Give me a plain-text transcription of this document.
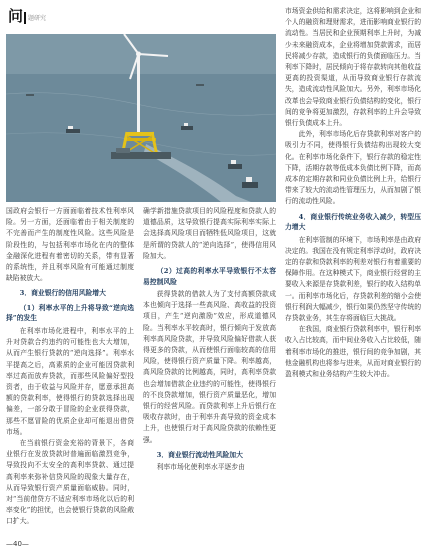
问 题研究

国政府会银行一方面面临着技术性利率风险。另一方面，还面临着由于相关制度的不完善而产生的制度性风险。这些风险是阶段性的，与包括利率市场化在内的整体金融深化进程有着密切的关系，带有显著的系统性，并且利率风险有可能通过制度缺陷被放大。

3．商业银行的信用风险增大
（1）利率水平的上升将导致“逆向选择”的发生

在利率市场化进程中，利率水平的上升对贷款合约违约的可能性也大大增加，从而产生银行贷款的“逆向选择”。利率水平提高之后，高素质的企业可能因贷款利率过高而放弃贷款，而那些风险偏好型投资者，由于收益与风险并存，愿意承担高额的贷款利率，使得银行的贷款选择出现偏差，一部分敢于冒险的企业获得贷款，那些不愿冒险的优质企业却可能退出借贷市场。

在当前银行资金充裕的背景下，各商业银行在发放贷款时普遍面临激烈竞争，导致投向不太安全的高利率贷款、通过提高利率来弥补信贷风险的现象大量存在，从而导致银行资产质量面临威胁。同时，对“当前借贷方不适应利率市场化以后的利率变化”的担忧，也会使银行贷款的风险敞口扩大。

确学新措施贷款项目的风险程度和贷款人的道德品质，这导致银行提高实际利率实际上会选择高风险项目而牺牲低风险项目，这就是所谓的贷款人的“逆向选择”，使得信用风险加大。

（2）过高的利率水平导致银行不太容易控制风险

获得贷款的借款人为了支付高额贷款成本也倾向于选择一些高风险、高收益的投资项目，产生“逆向激励”效应，形成道德风险。当利率水平较高时，银行倾向于发放高利率高风险贷款，并导致风险偏好借款人获得更多的贷款，从而使银行面临较高的信用风险，使得银行资产质量下降。利率越高，高风险贷款的比例越高，同时，高利率贷款也会增加借款企业违约的可能性，使得银行的不良贷款增加，银行资产质量恶化，增加银行的经营风险。而贷款利率上升后银行在吸收存款时，由于利率升高导致的资金成本上升，也使银行对于高风险贷款的依赖性更强。

3．商业银行流动性风险加大

利率市场化使利率水平逐步由

市场资金供给和需求决定，这将影响到企业和个人的融资和理财需求，进而影响商业银行的流动性。当居民和企业预期利率上升时，为减少未来融资成本，企业将增加贷款需求，而居民将减少存款，造成银行的负债面临压力。当利率下降时，居民倾向于将存款转向其他收益更高的投资渠道，从而导致商业银行存款流失，造成流动性风险加大。另外，利率市场化改革也会导致商业银行负债结构的变化，银行间的竞争将更加激烈，存款利率的上升会导致银行负债成本上升。

此外，利率市场化后存贷款利率对客户的吸引力不同，使得银行负债结构出现较大变化。在利率市场化条件下，银行存款的稳定性下降，活期存款等低成本负债比例下降，而高成本的定期存款和同业负债比例上升，给银行带来了较大的流动性管理压力，从而加剧了银行的流动性风险。

4．商业银行传统业务收入减少，转型压力增大

在利率管制的环境下，市场利率是由政府决定的。我国在没有规定利率浮动时，政府决定的存款和贷款利率的利差对银行有着重要的保障作用。在这种模式下，商业银行经营的主要收入来源是存贷款利差，银行的收入结构单一。而利率市场化后，存贷款利差的缩小会使银行利润大幅减少，银行如果仍然坚守传统的存贷款业务，其生存将面临巨大挑战。

在我国，商业银行贷款利率中，银行利率收入占比较高，而中间业务收入占比较低，随着利率市场化的推进，银行间的竞争加剧，其他金融机构也将参与进来，从而对商业银行的盈利模式和业务结构产生较大冲击。

—40—
